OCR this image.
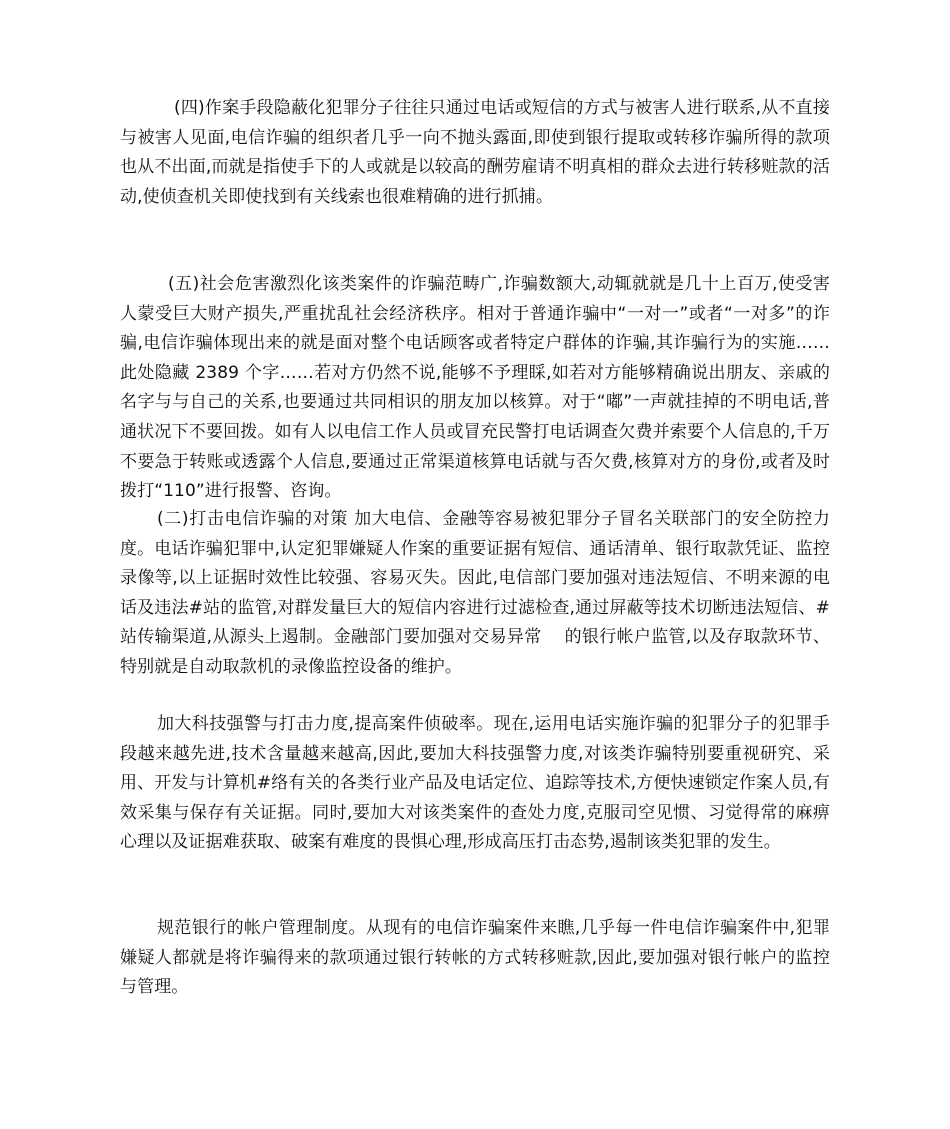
(四)作案手段隐蔽化犯罪分子往往只通过电话或短信的方式与被害人进行联系,从不直接与被害人见面,电信诈骗的组织者几乎一向不抛头露面,即使到银行提取或转移诈骗所得的款项也从不出面,而就是指使手下的人或就是以较高的酬劳雇请不明真相的群众去进行转移赃款的活动,使侦查机关即使找到有关线索也很难精确的进行抓捕。

(五)社会危害激烈化该类案件的诈骗范畴广,诈骗数额大,动辄就就是几十上百万,使受害人蒙受巨大财产损失,严重扰乱社会经济秩序。相对于普通诈骗中“一对一”或者“一对多”的诈骗,电信诈骗体现出来的就是面对整个电话顾客或者特定户群体的诈骗,其诈骗行为的实施……此处隐藏 2389 个字……若对方仍然不说,能够不予理睬,如若对方能够精确说出朋友、亲戚的名字与与自己的关系,也要通过共同相识的朋友加以核算。对于“嘟”一声就挂掉的不明电话,普通状况下不要回拨。如有人以电信工作人员或冒充民警打电话调查欠费并索要个人信息的,千万不要急于转账或透露个人信息,要通过正常渠道核算电话就与否欠费,核算对方的身份,或者及时拨打“110”进行报警、咨询。

(二)打击电信诈骗的对策 加大电信、金融等容易被犯罪分子冒名关联部门的安全防控力度。电话诈骗犯罪中,认定犯罪嫌疑人作案的重要证据有短信、通话清单、银行取款凭证、监控录像等,以上证据时效性比较强、容易灭失。因此,电信部门要加强对违法短信、不明来源的电话及违法#站的监管,对群发量巨大的短信内容进行过滤检查,通过屏蔽等技术切断违法短信、#站传输渠道,从源头上遏制。金融部门要加强对交易异常　 的银行帐户监管,以及存取款环节、特别就是自动取款机的录像监控设备的维护。

加大科技强警与打击力度,提高案件侦破率。现在,运用电话实施诈骗的犯罪分子的犯罪手段越来越先进,技术含量越来越高,因此,要加大科技强警力度,对该类诈骗特别要重视研究、采用、开发与计算机#络有关的各类行业产品及电话定位、追踪等技术,方便快速锁定作案人员,有效采集与保存有关证据。同时,要加大对该类案件的查处力度,克服司空见惯、习觉得常的麻痹心理以及证据难获取、破案有难度的畏惧心理,形成高压打击态势,遏制该类犯罪的发生。

规范银行的帐户管理制度。从现有的电信诈骗案件来瞧,几乎每一件电信诈骗案件中,犯罪嫌疑人都就是将诈骗得来的款项通过银行转帐的方式转移赃款,因此,要加强对银行帐户的监控与管理。
